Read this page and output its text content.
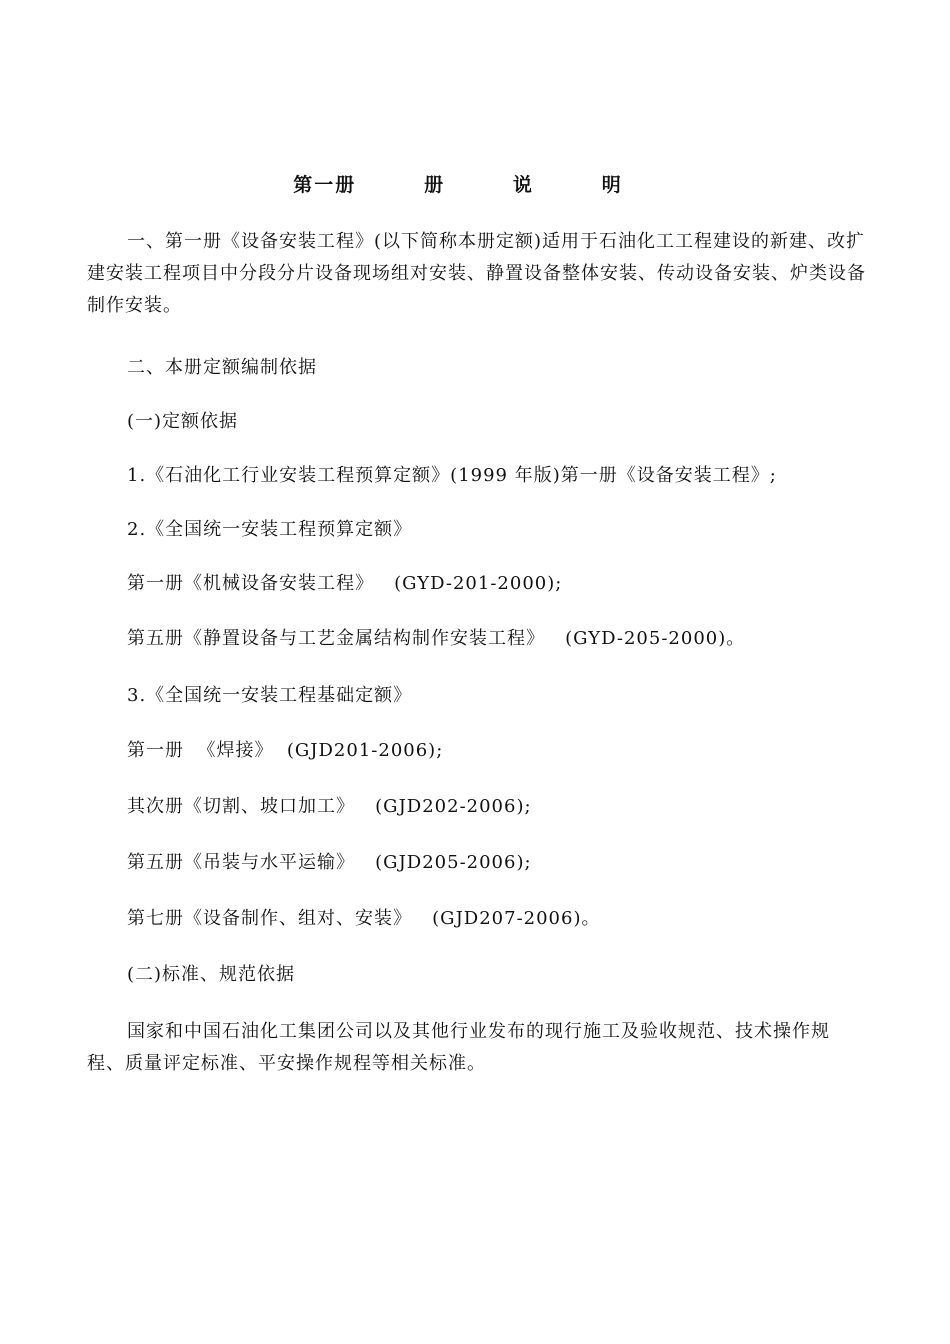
第一册   册   说   明
一、第一册《设备安装工程》(以下简称本册定额)适用于石油化工工程建设的新建、改扩建安装工程项目中分段分片设备现场组对安装、静置设备整体安装、传动设备安装、炉类设备制作安装。
二、本册定额编制依据
(一)定额依据
1.《石油化工行业安装工程预算定额》(1999 年版)第一册《设备安装工程》;
2.《全国统一安装工程预算定额》
第一册《机械设备安装工程》   (GYD-201-2000);
第五册《静置设备与工艺金属结构制作安装工程》   (GYD-205-2000)。
3.《全国统一安装工程基础定额》
第一册  《焊接》  (GJD201-2006);
其次册《切割、坡口加工》   (GJD202-2006);
第五册《吊装与水平运输》   (GJD205-2006);
第七册《设备制作、组对、安装》   (GJD207-2006)。
(二)标准、规范依据
国家和中国石油化工集团公司以及其他行业发布的现行施工及验收规范、技术操作规程、质量评定标准、平安操作规程等相关标准。
